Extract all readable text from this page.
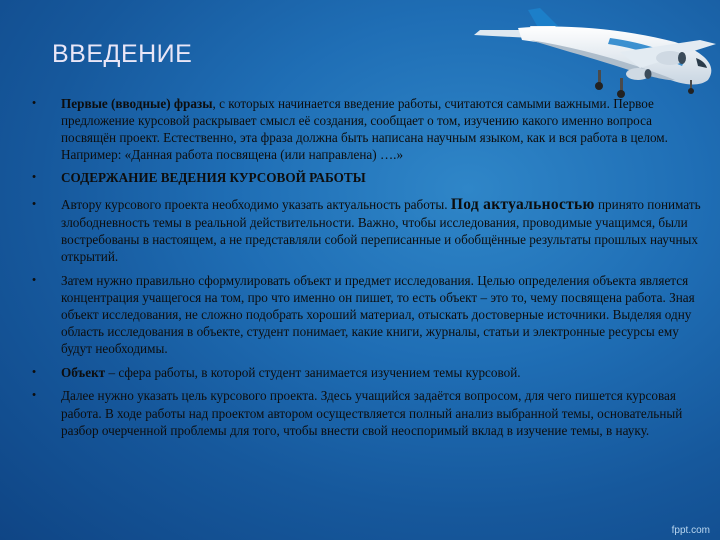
ВВЕДЕНИЕ

•	Первые (вводные) фразы, с которых начинается введение работы, считаются самыми важными. Первое предложение курсовой раскрывает смысл её создания, сообщает о том, изучению какого именно вопроса посвящён проект. Естественно, эта фраза должна быть написана научным языком, как и вся работа в целом. Например: «Данная работа посвящена (или направлена) ….»

•	СОДЕРЖАНИЕ ВЕДЕНИЯ КУРСОВОЙ РАБОТЫ

•	Автору курсового проекта необходимо указать актуальность работы. Под актуальностью принято понимать злободневность темы в реальной действительности. Важно, чтобы исследования, проводимые учащимся, были востребованы в настоящем, а не представляли собой переписанные и обобщённые результаты прошлых научных открытий.

•	Затем нужно правильно сформулировать объект и предмет исследования. Целью определения объекта является концентрация учащегося на том, про что именно он пишет, то есть объект – это то, чему посвящена работа. Зная объект исследования, не сложно подобрать хороший материал, отыскать достоверные источники. Выделяя одну область исследования в объекте, студент понимает, какие книги, журналы, статьи и электронные ресурсы ему будут необходимы.

•	Объект – сфера работы, в которой студент занимается изучением темы курсовой.

•	Далее нужно указать цель курсового проекта. Здесь учащийся задаётся вопросом, для чего пишется курсовая работа. В ходе работы над проектом автором осуществляется полный анализ выбранной темы, основательный разбор очерченной проблемы для того, чтобы внести свой неоспоримый вклад в изучение темы, в науку.

fppt.com
